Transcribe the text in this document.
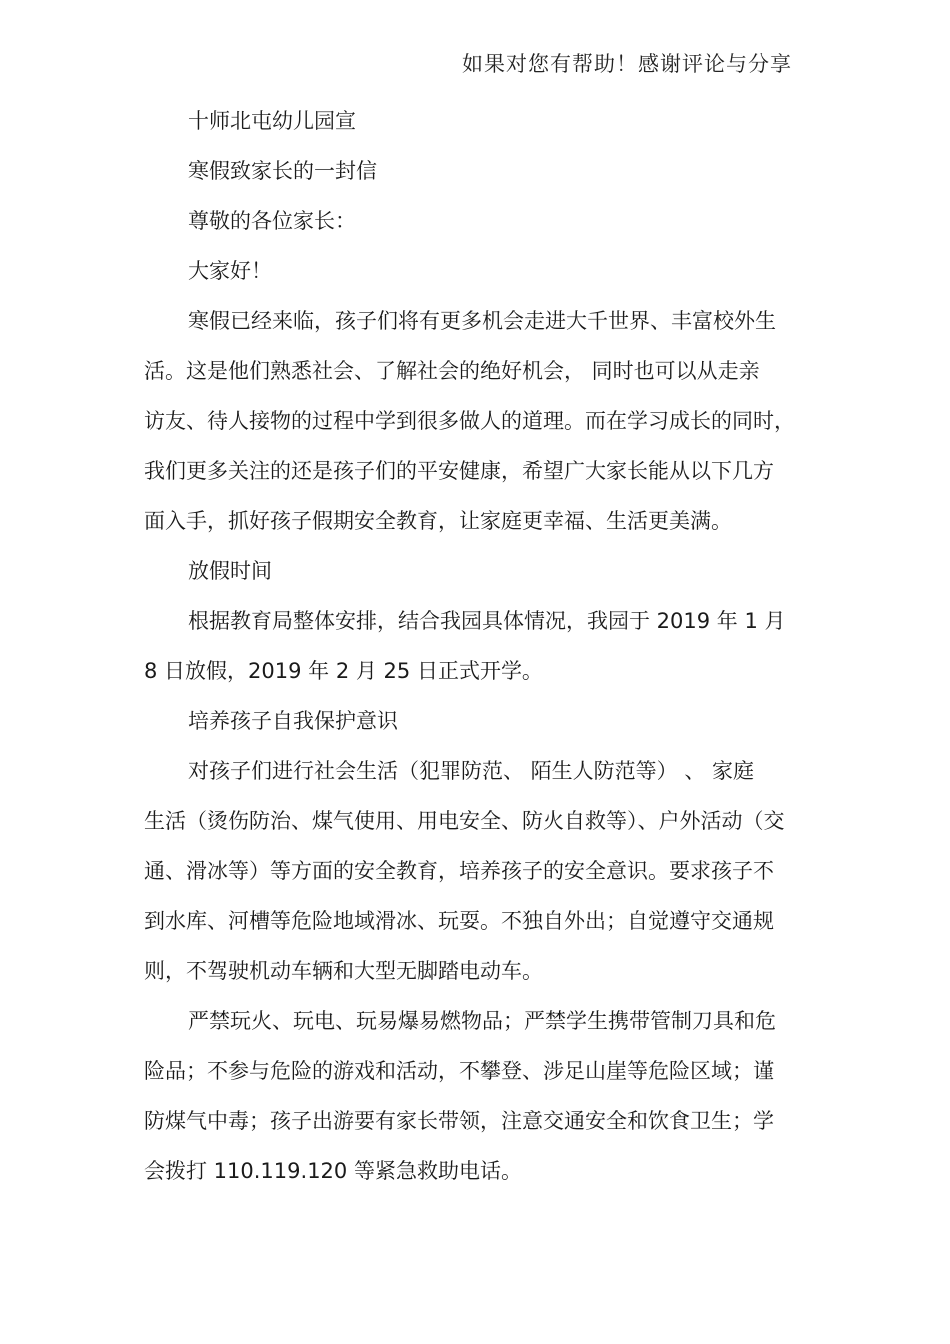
如果对您有帮助！感谢评论与分享
十师北屯幼儿园宣
寒假致家长的一封信
尊敬的各位家长：
大家好！
寒假已经来临，孩子们将有更多机会走进大千世界、丰富校外生
活。这是他们熟悉社会、了解社会的绝好机会， 同时也可以从走亲
访友、待人接物的过程中学到很多做人的道理。而在学习成长的同时，
我们更多关注的还是孩子们的平安健康，希望广大家长能从以下几方
面入手，抓好孩子假期安全教育，让家庭更幸福、生活更美满。
放假时间
根据教育局整体安排，结合我园具体情况，我园于 2019 年 1 月
8 日放假，2019 年 2 月 25 日正式开学。
培养孩子自我保护意识
对孩子们进行社会生活（犯罪防范、 陌生人防范等） 、 家庭
生活（烫伤防治、煤气使用、用电安全、防火自救等）、户外活动（交
通、滑冰等）等方面的安全教育，培养孩子的安全意识。要求孩子不
到水库、河槽等危险地域滑冰、玩耍。不独自外出；自觉遵守交通规
则，不驾驶机动车辆和大型无脚踏电动车。
严禁玩火、玩电、玩易爆易燃物品；严禁学生携带管制刀具和危
险品；不参与危险的游戏和活动，不攀登、涉足山崖等危险区域；谨
防煤气中毒；孩子出游要有家长带领，注意交通安全和饮食卫生；学
会拨打 110.119.120 等紧急救助电话。
